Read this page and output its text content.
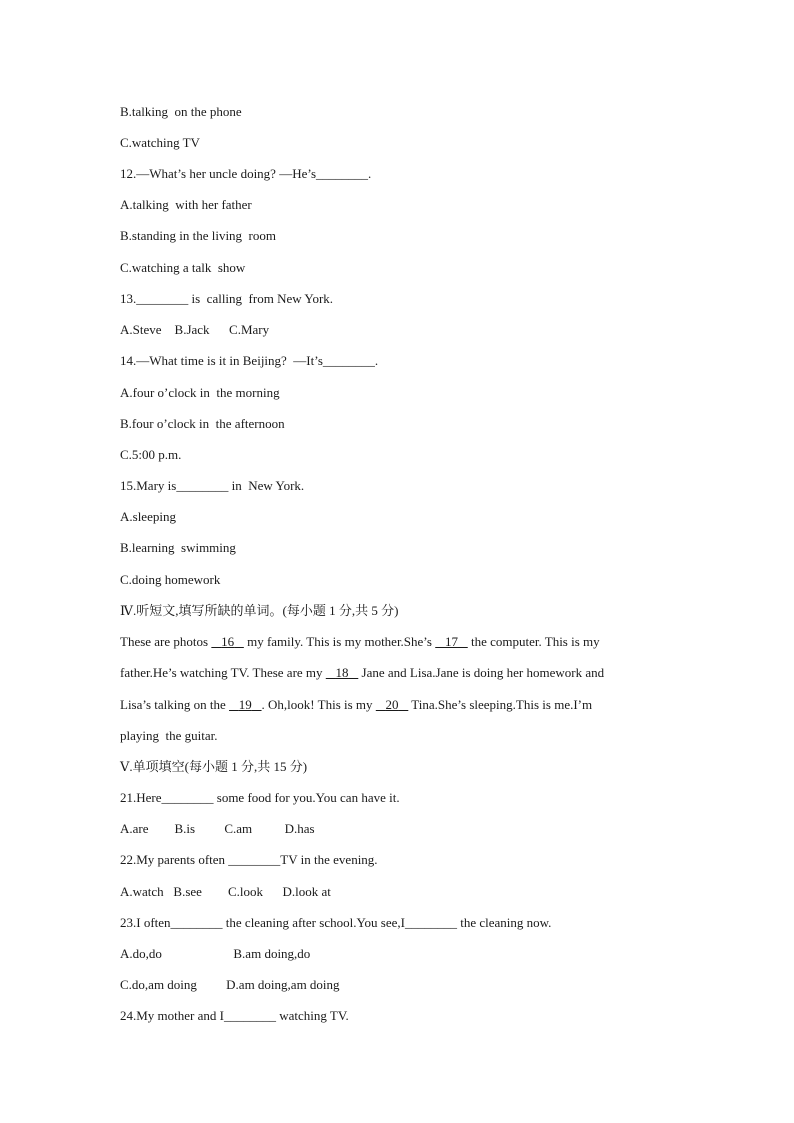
B.talking  on the phone
C.watching TV
12.—What’s her uncle doing? —He’s________.
A.talking  with her father
B.standing in the living  room
C.watching a talk  show
13.________ is  calling  from New York.
A.Steve    B.Jack      C.Mary
14.—What time is it in Beijing?  —It’s________.
A.four o’clock in  the morning
B.four o’clock in  the afternoon
C.5:00 p.m.
15.Mary is________ in  New York.
A.sleeping
B.learning  swimming
C.doing homework
Ⅳ.听短文,填写所缺的单词。(每小题 1 分,共 5 分)
These are photos    16    my family. This is my mother.She’s    17    the computer. This is my
father.He’s watching TV. These are my    18    Jane and Lisa.Jane is doing her homework and
Lisa’s talking on the    19 . Oh,look! This is my    20    Tina.She’s sleeping.This is me.I’m
playing  the guitar.
Ⅴ.单项填空(每小题 1 分,共 15 分)
21.Here________ some food for you.You can have it.
A.are        B.is         C.am          D.has
22.My parents often ________TV in the evening.
A.watch   B.see        C.look      D.look at
23.I often________ the cleaning after school.You see,I________ the cleaning now.
A.do,do                      B.am doing,do
C.do,am doing         D.am doing,am doing
24.My mother and I________ watching TV.
